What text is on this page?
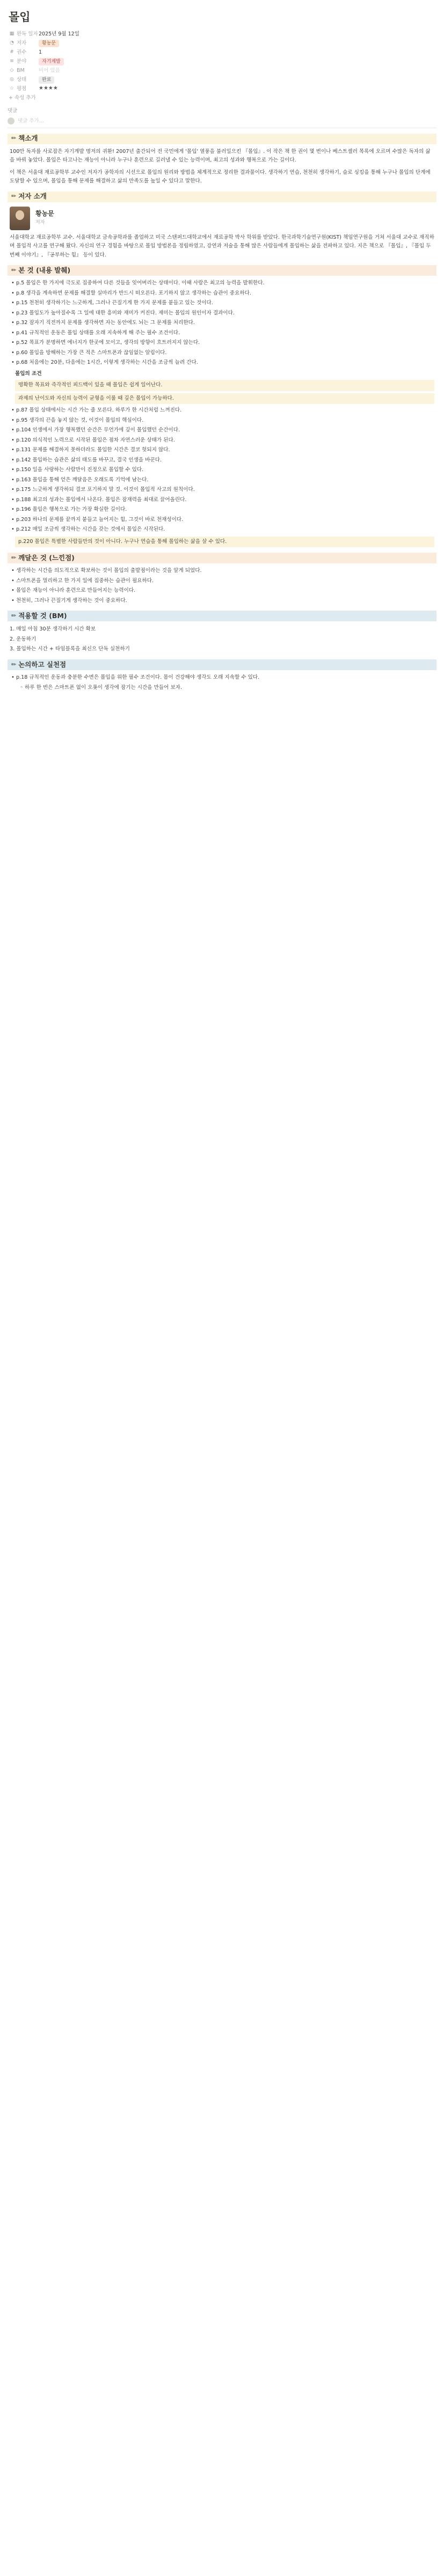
몰입
▦ 완독 일자 2025년 9월 12일
◔ 저자	황농문
# 권수 1
≡ 분야	자기계발
◇ BM	비어 있음
◎ 상태	완료
☆ 평점 ★★★★
+ 속성 추가
댓글
댓글 추가...
✏ 책소개
100만 독자를 사로잡은 자기계발 명저의 귀환! 2007년 출간되어 전 국민에게 '몰입' 열풍을 불러일으킨 『몰입』. 이 작은 책 한 권이 몇 번이나 베스트셀러 목록에 오르며 수많은 독자의 삶을 바꿔 놓았다. 몰입은 타고나는 재능이 아니라 누구나 훈련으로 길러낼 수 있는 능력이며, 최고의 성과와 행복으로 가는 길이다.
이 책은 서울대 재료공학부 교수인 저자가 공학자의 시선으로 몰입의 원리와 방법을 체계적으로 정리한 결과물이다. 생각하기 연습, 천천히 생각하기, 슬로 싱킹을 통해 누구나 몰입의 단계에 도달할 수 있으며, 몰입을 통해 문제를 해결하고 삶의 만족도를 높일 수 있다고 말한다.
✏ 저자 소개
황농문
저자
서울대학교 재료공학부 교수. 서울대학교 금속공학과를 졸업하고 미국 스탠퍼드대학교에서 재료공학 박사 학위를 받았다. 한국과학기술연구원(KIST) 책임연구원을 거쳐 서울대 교수로 재직하며 몰입적 사고를 연구해 왔다. 자신의 연구 경험을 바탕으로 몰입 방법론을 정립하였고, 강연과 저술을 통해 많은 사람들에게 몰입하는 삶을 전파하고 있다. 지은 책으로 『몰입』, 『몰입 두 번째 이야기』, 『공부하는 힘』 등이 있다.
✏ 본 것 (내용 발췌)
• p.5 몰입은 한 가지에 극도로 집중하여 다른 것들을 잊어버리는 상태이다. 이때 사람은 최고의 능력을 발휘한다.
• p.8 생각을 계속하면 문제를 해결할 실마리가 반드시 떠오른다. 포기하지 않고 생각하는 습관이 중요하다.
• p.15 천천히 생각하기는 느긋하게, 그러나 끈질기게 한 가지 문제를 붙들고 있는 것이다.
• p.23 몰입도가 높아질수록 그 일에 대한 흥미와 재미가 커진다. 재미는 몰입의 원인이자 결과이다.
• p.32 잠자기 직전까지 문제를 생각하면 자는 동안에도 뇌는 그 문제를 처리한다.
• p.41 규칙적인 운동은 몰입 상태를 오래 지속하게 해 주는 필수 조건이다.
• p.52 목표가 분명하면 에너지가 한곳에 모이고, 생각의 방향이 흐트러지지 않는다.
• p.60 몰입을 방해하는 가장 큰 적은 스마트폰과 끊임없는 알림이다.
• p.68 처음에는 20분, 다음에는 1시간, 이렇게 생각하는 시간을 조금씩 늘려 간다.
몰입의 조건
명확한 목표와 즉각적인 피드백이 있을 때 몰입은 쉽게 일어난다.
과제의 난이도와 자신의 능력이 균형을 이룰 때 깊은 몰입이 가능하다.
• p.87 몰입 상태에서는 시간 가는 줄 모른다. 하루가 한 시간처럼 느껴진다.
• p.95 생각의 끈을 놓지 않는 것, 이것이 몰입의 핵심이다.
• p.104 인생에서 가장 행복했던 순간은 무언가에 깊이 몰입했던 순간이다.
• p.120 의식적인 노력으로 시작된 몰입은 점차 자연스러운 상태가 된다.
• p.131 문제를 해결하지 못하더라도 몰입한 시간은 결코 헛되지 않다.
• p.142 몰입하는 습관은 삶의 태도를 바꾸고, 결국 인생을 바꾼다.
• p.150 일을 사랑하는 사람만이 진정으로 몰입할 수 있다.
• p.163 몰입을 통해 얻은 깨달음은 오래도록 기억에 남는다.
• p.175 느긋하게 생각하되 결코 포기하지 말 것. 이것이 몰입적 사고의 원칙이다.
• p.188 최고의 성과는 몰입에서 나온다. 몰입은 잠재력을 최대로 끌어올린다.
• p.196 몰입은 행복으로 가는 가장 확실한 길이다.
• p.203 하나의 문제를 끝까지 붙들고 늘어지는 힘, 그것이 바로 천재성이다.
• p.212 매일 조금씩 생각하는 시간을 갖는 것에서 몰입은 시작된다.
p.220 몰입은 특별한 사람들만의 것이 아니다. 누구나 연습을 통해 몰입하는 삶을 살 수 있다.
✏ 깨달은 것 (느낀점)
• 생각하는 시간을 의도적으로 확보하는 것이 몰입의 출발점이라는 것을 알게 되었다.
• 스마트폰을 멀리하고 한 가지 일에 집중하는 습관이 필요하다.
• 몰입은 재능이 아니라 훈련으로 만들어지는 능력이다.
• 천천히, 그러나 끈질기게 생각하는 것이 중요하다.
✏ 적용할 것 (BM)
1. 매일 아침 30분 생각하기 시간 확보
2. 운동하기
3. 몰입하는 시간 + 타임블록을 최신으 단독 실천하기
✏ 논의하고 실천점
• p.18 규칙적인 운동과 충분한 수면은 몰입을 위한 필수 조건이다. 몸이 건강해야 생각도 오래 지속할 수 있다.
◦ 하루 한 번은 스마트폰 없이 오롯이 생각에 잠기는 시간을 만들어 보자.
